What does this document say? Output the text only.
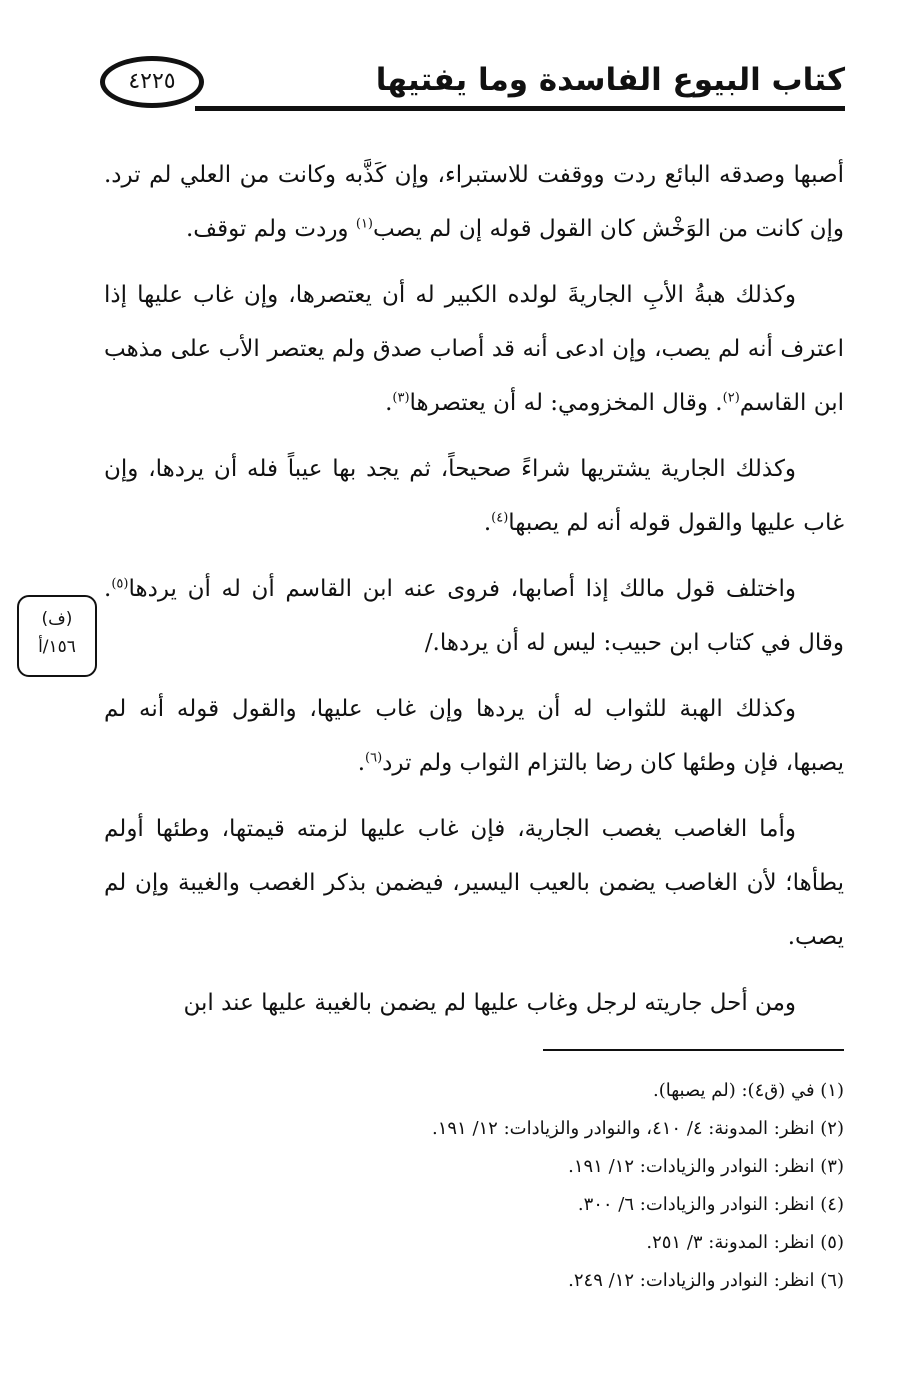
٤٢٢٥	كتاب البيوع الفاسدة وما يفتيها

أصبها وصدقه البائع ردت ووقفت للاستبراء، وإن كَذَّبه وكانت من العلي لم ترد. وإن كانت من الوَخْش كان القول قوله إن لم يصب$^{(١)}$ وردت ولم توقف.

وكذلك هبةُ الأبِ الجاريةَ لولده الكبير له أن يعتصرها، وإن غاب عليها إذا اعترف أنه لم يصب، وإن ادعى أنه قد أصاب صدق ولم يعتصر الأب على مذهب ابن القاسم$^{(٢)}$. وقال المخزومي: له أن يعتصرها$^{(٣)}$.

وكذلك الجارية يشتريها شراءً صحيحاً، ثم يجد بها عيباً فله أن يردها، وإن غاب عليها والقول قوله أنه لم يصبها$^{(٤)}$.

واختلف قول مالك إذا أصابها، فروى عنه ابن القاسم أن له أن يردها$^{(٥)}$. وقال في كتاب ابن حبيب: ليس له أن يردها./

وكذلك الهبة للثواب له أن يردها وإن غاب عليها، والقول قوله أنه لم يصبها، فإن وطئها كان رضا بالتزام الثواب ولم ترد$^{(٦)}$.

وأما الغاصب يغصب الجارية، فإن غاب عليها لزمته قيمتها، وطئها أولم يطأها؛ لأن الغاصب يضمن بالعيب اليسير، فيضمن بذكر الغصب والغيبة وإن لم يصب.

ومن أحل جاريته لرجل وغاب عليها لم يضمن بالغيبة عليها عند ابن

(ف)
١٥٦/أ

(١) في (ق٤): (لم يصبها).

(٢) انظر: المدونة: ٤/ ٤١٠، والنوادر والزيادات: ١٢/ ١٩١.

(٣) انظر: النوادر والزيادات: ١٢/ ١٩١.

(٤) انظر: النوادر والزيادات: ٦/ ٣٠٠.

(٥) انظر: المدونة: ٣/ ٢٥١.

(٦) انظر: النوادر والزيادات: ١٢/ ٢٤٩.
